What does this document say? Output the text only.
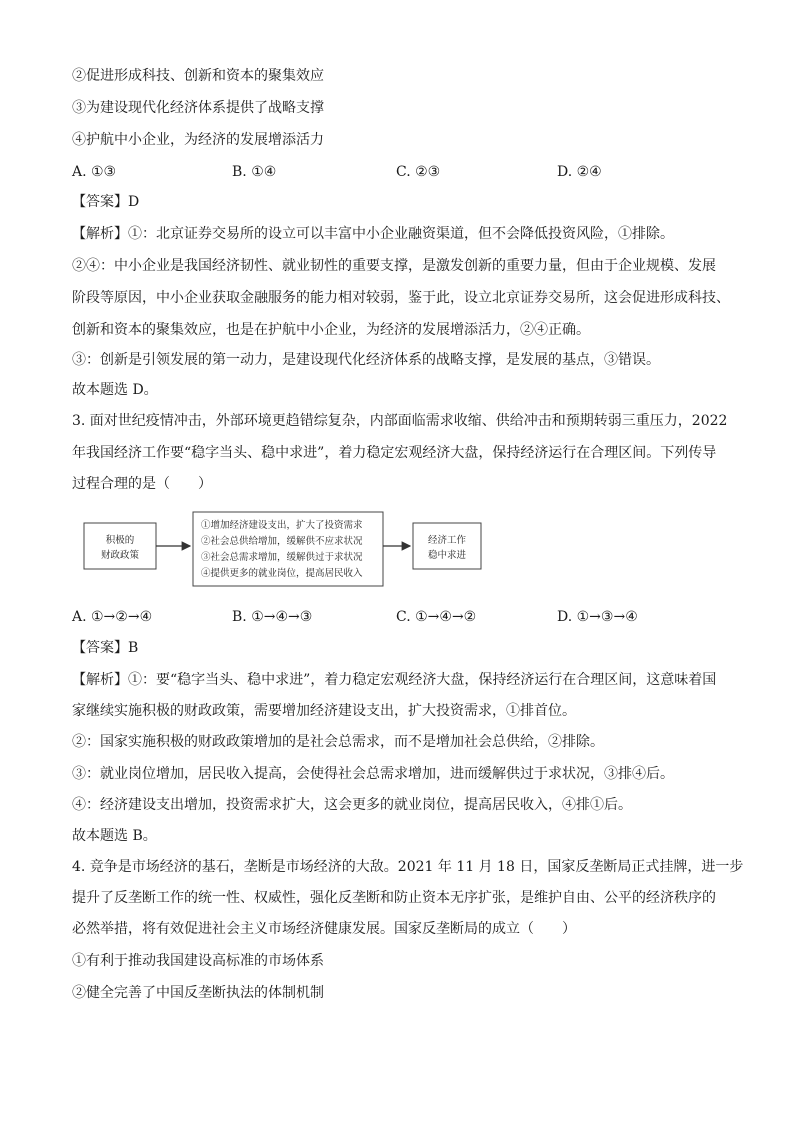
②促进形成科技、创新和资本的聚集效应
③为建设现代化经济体系提供了战略支撑
④护航中小企业，为经济的发展增添活力
A. ①③	B. ①④	C. ②③	D. ②④
【答案】D
【解析】①：北京证券交易所的设立可以丰富中小企业融资渠道，但不会降低投资风险，①排除。
②④：中小企业是我国经济韧性、就业韧性的重要支撑，是激发创新的重要力量，但由于企业规模、发展
阶段等原因，中小企业获取金融服务的能力相对较弱，鉴于此，设立北京证券交易所，这会促进形成科技、
创新和资本的聚集效应，也是在护航中小企业，为经济的发展增添活力，②④正确。
③：创新是引领发展的第一动力，是建设现代化经济体系的战略支撑，是发展的基点，③错误。
故本题选 D。
3. 面对世纪疫情冲击，外部环境更趋错综复杂，内部面临需求收缩、供给冲击和预期转弱三重压力，2022
年我国经济工作要“稳字当头、稳中求进”，着力稳定宏观经济大盘，保持经济运行在合理区间。下列传导
过程合理的是（　　）
积极的
财政政策
①增加经济建设支出，扩大了投资需求
②社会总供给增加，缓解供不应求状况
③社会总需求增加，缓解供过于求状况
④提供更多的就业岗位，提高居民收入
经济工作
稳中求进
A. ①→②→④	B. ①→④→③	C. ①→④→②	D. ①→③→④
【答案】B
【解析】①：要“稳字当头、稳中求进”，着力稳定宏观经济大盘，保持经济运行在合理区间，这意味着国
家继续实施积极的财政政策，需要增加经济建设支出，扩大投资需求，①排首位。
②：国家实施积极的财政政策增加的是社会总需求，而不是增加社会总供给，②排除。
③：就业岗位增加，居民收入提高，会使得社会总需求增加，进而缓解供过于求状况，③排④后。
④：经济建设支出增加，投资需求扩大，这会更多的就业岗位，提高居民收入，④排①后。
故本题选 B。
4. 竞争是市场经济的基石，垄断是市场经济的大敌。2021 年 11 月 18 日，国家反垄断局正式挂牌，进一步
提升了反垄断工作的统一性、权威性，强化反垄断和防止资本无序扩张，是维护自由、公平的经济秩序的
必然举措，将有效促进社会主义市场经济健康发展。国家反垄断局的成立（　　）
①有利于推动我国建设高标准的市场体系
②健全完善了中国反垄断执法的体制机制
